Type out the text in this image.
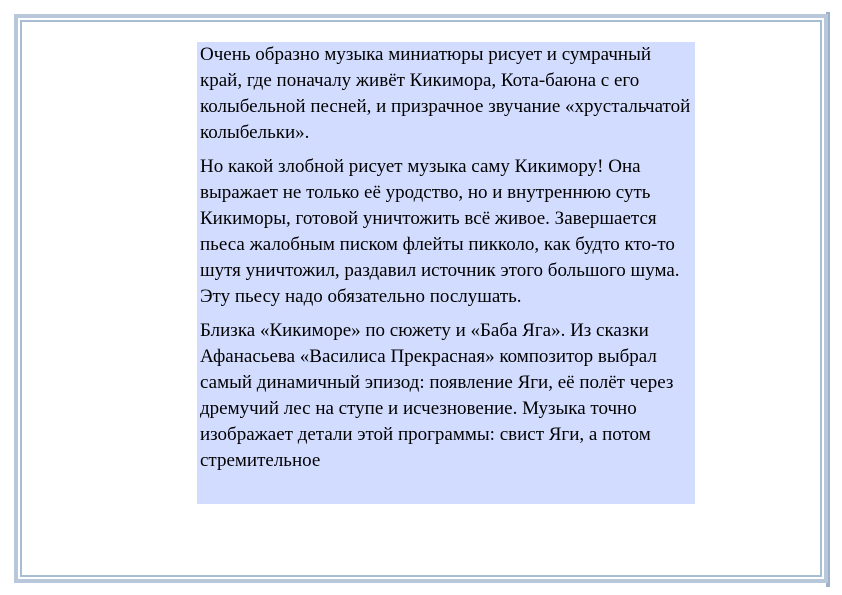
Очень образно музыка миниатюры рисует и сумрачный край, где поначалу живёт Кикимора, Кота-баюна с его колыбельной песней, и призрачное звучание «хрустальчатой колыбельки».

Но какой злобной рисует музыка саму Кикимору! Она выражает не только её уродство, но и внутреннюю суть Кикиморы, готовой уничтожить всё живое. Завершается пьеса жалобным писком флейты пикколо, как будто кто-то шутя уничтожил, раздавил источник этого большого шума. Эту пьесу надо обязательно послушать.

Близка «Кикиморе» по сюжету и «Баба Яга». Из сказки Афанасьева «Василиса Прекрасная» композитор выбрал самый динамичный эпизод: появление Яги, её полёт через дремучий лес на ступе и исчезновение. Музыка точно изображает детали этой программы: свист Яги, а потом стремительное
